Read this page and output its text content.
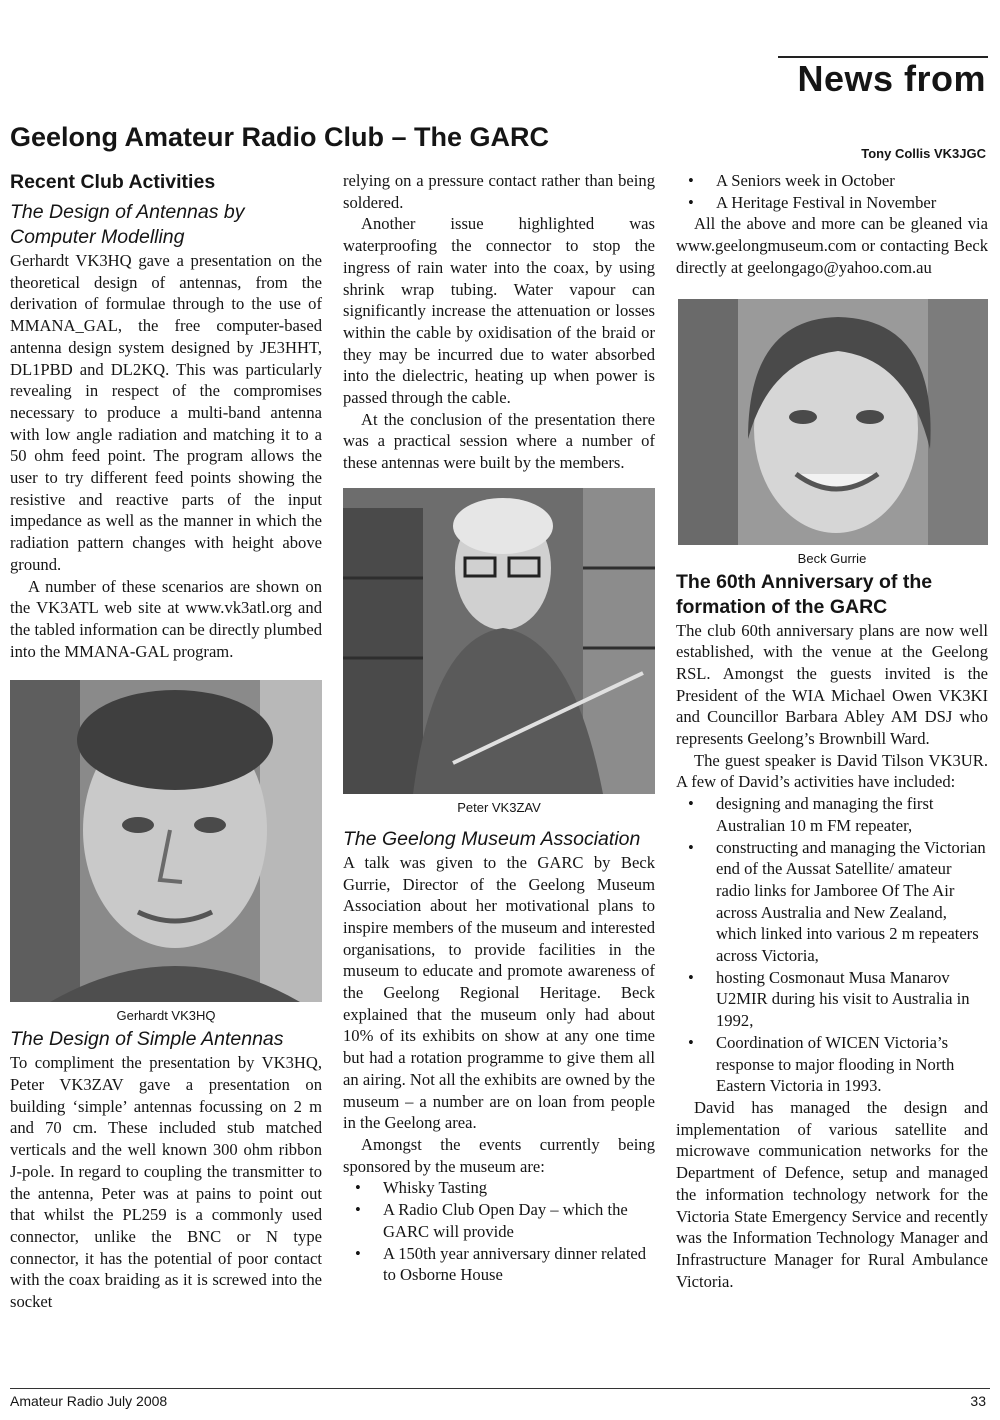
News from
Geelong Amateur Radio Club – The GARC
Tony Collis VK3JGC
Recent Club Activities
The Design of Antennas by Computer Modelling

Gerhardt VK3HQ gave a presentation on the theoretical design of antennas, from the derivation of formulae through to the use of MMANA_GAL, the free computer-based antenna design system designed by JE3HHT, DL1PBD and DL2KQ. This was particularly revealing in respect of the compromises necessary to produce a multi-band antenna with low angle radiation and matching it to a 50 ohm feed point. The program allows the user to try different feed points showing the resistive and reactive parts of the input impedance as well as the manner in which the radiation pattern changes with height above ground.

A number of these scenarios are shown on the VK3ATL web site at www.vk3atl.org and the tabled information can be directly plumbed into the MMANA-GAL program.

Gerhardt VK3HQ
The Design of Simple Antennas

To compliment the presentation by VK3HQ, Peter VK3ZAV gave a presentation on building ‘simple’ antennas focussing on 2 m and 70 cm. These included stub matched verticals and the well known 300 ohm ribbon J-pole. In regard to coupling the transmitter to the antenna, Peter was at pains to point out that whilst the PL259 is a commonly used connector, unlike the BNC or N type connector, it has the potential of poor contact with the coax braiding as it is screwed into the socket

relying on a pressure contact rather than being soldered.

Another issue highlighted was waterproofing the connector to stop the ingress of rain water into the coax, by using shrink wrap tubing. Water vapour can significantly increase the attenuation or losses within the cable by oxidisation of the braid or they may be incurred due to water absorbed into the dielectric, heating up when power is passed through the cable.

At the conclusion of the presentation there was a practical session where a number of these antennas were built by the members.

Peter VK3ZAV
The Geelong Museum Association

A talk was given to the GARC by Beck Gurrie, Director of the Geelong Museum Association about her motivational plans to inspire members of the museum and interested organisations, to provide facilities in the museum to educate and promote awareness of the Geelong Regional Heritage. Beck explained that the museum only had about 10% of its exhibits on show at any one time but had a rotation programme to give them all an airing. Not all the exhibits are owned by the museum – a number are on loan from people in the Geelong area.

Amongst the events currently being sponsored by the museum are:

• Whisky Tasting
• A Radio Club Open Day – which the GARC will provide
• A 150th year anniversary dinner related to Osborne House
• A Seniors week in October
• A Heritage Festival in November

All the above and more can be gleaned via www.geelongmuseum.com or contacting Beck directly at geelongago@yahoo.com.au

Beck Gurrie
The 60th Anniversary of the formation of the GARC

The club 60th anniversary plans are now well established, with the venue at the Geelong RSL. Amongst the guests invited is the President of the WIA Michael Owen VK3KI and Councillor Barbara Abley AM DSJ who represents Geelong’s Brownbill Ward.

The guest speaker is David Tilson VK3UR. A few of David’s activities have included:

• designing and managing the first Australian 10 m FM repeater,
• constructing and managing the Victorian end of the Aussat Satellite/ amateur radio links for Jamboree Of The Air across Australia and New Zealand, which linked into various 2 m repeaters across Victoria,
• hosting Cosmonaut Musa Manarov U2MIR during his visit to Australia in 1992,
• Coordination of WICEN Victoria’s response to major flooding in North Eastern Victoria in 1993.

David has managed the design and implementation of various satellite and microwave communication networks for the Department of Defence, setup and managed the information technology network for the Victoria State Emergency Service and recently was the Information Technology Manager and Infrastructure Manager for Rural Ambulance Victoria.

Amateur Radio July 2008	33
